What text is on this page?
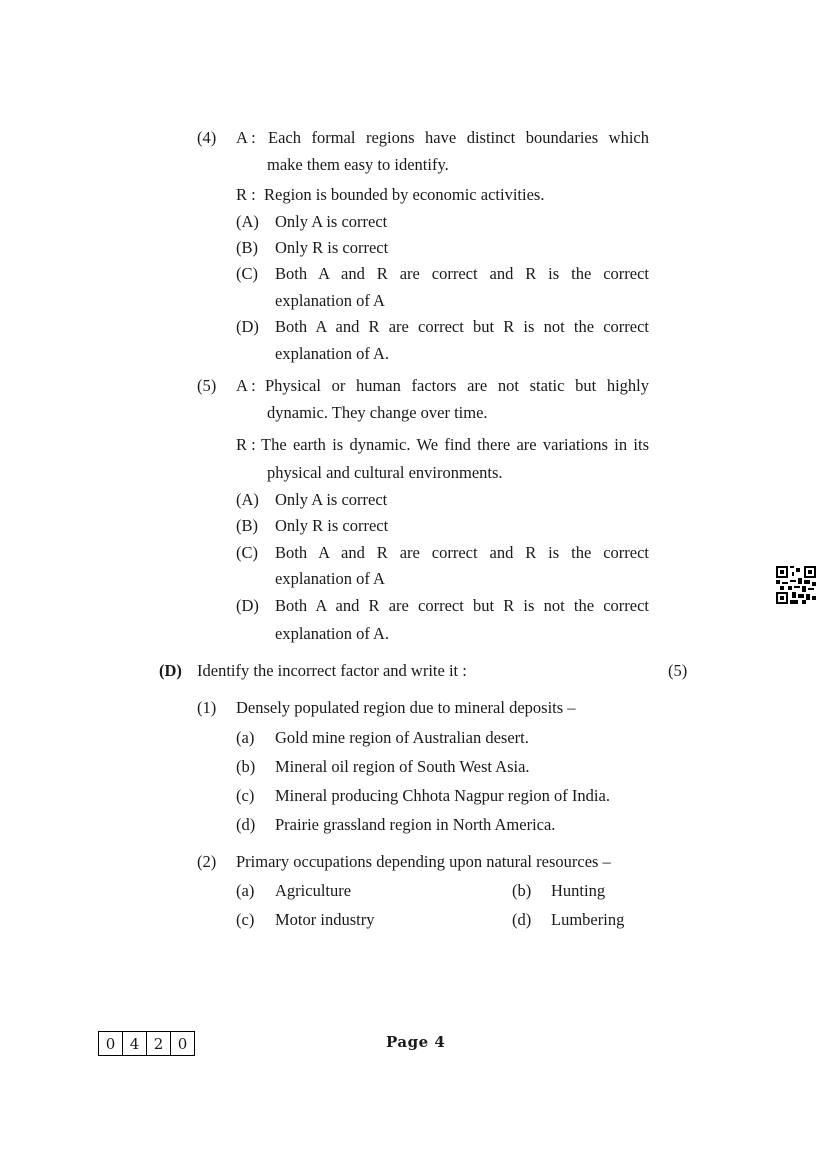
(4) A : Each formal regions have distinct boundaries which
make them easy to identify.
R : Region is bounded by economic activities.
(A) Only A is correct
(B) Only R is correct
(C) Both A and R are correct and R is the correct
explanation of A
(D) Both A and R are correct but R is not the correct
explanation of A.
(5) A : Physical or human factors are not static but highly
dynamic. They change over time.
R : The earth is dynamic. We find there are variations in its
physical and cultural environments.
(A) Only A is correct
(B) Only R is correct
(C) Both A and R are correct and R is the correct
explanation of A
(D) Both A and R are correct but R is not the correct
explanation of A.
(D) Identify the incorrect factor and write it :	(5)
(1) Densely populated region due to mineral deposits –
(a) Gold mine region of Australian desert.
(b) Mineral oil region of South West Asia.
(c) Mineral producing Chhota Nagpur region of India.
(d) Prairie grassland region in North America.
(2) Primary occupations depending upon natural resources –
(a) Agriculture	(b) Hunting
(c) Motor industry	(d) Lumbering
0 4 2 0	Page 4
